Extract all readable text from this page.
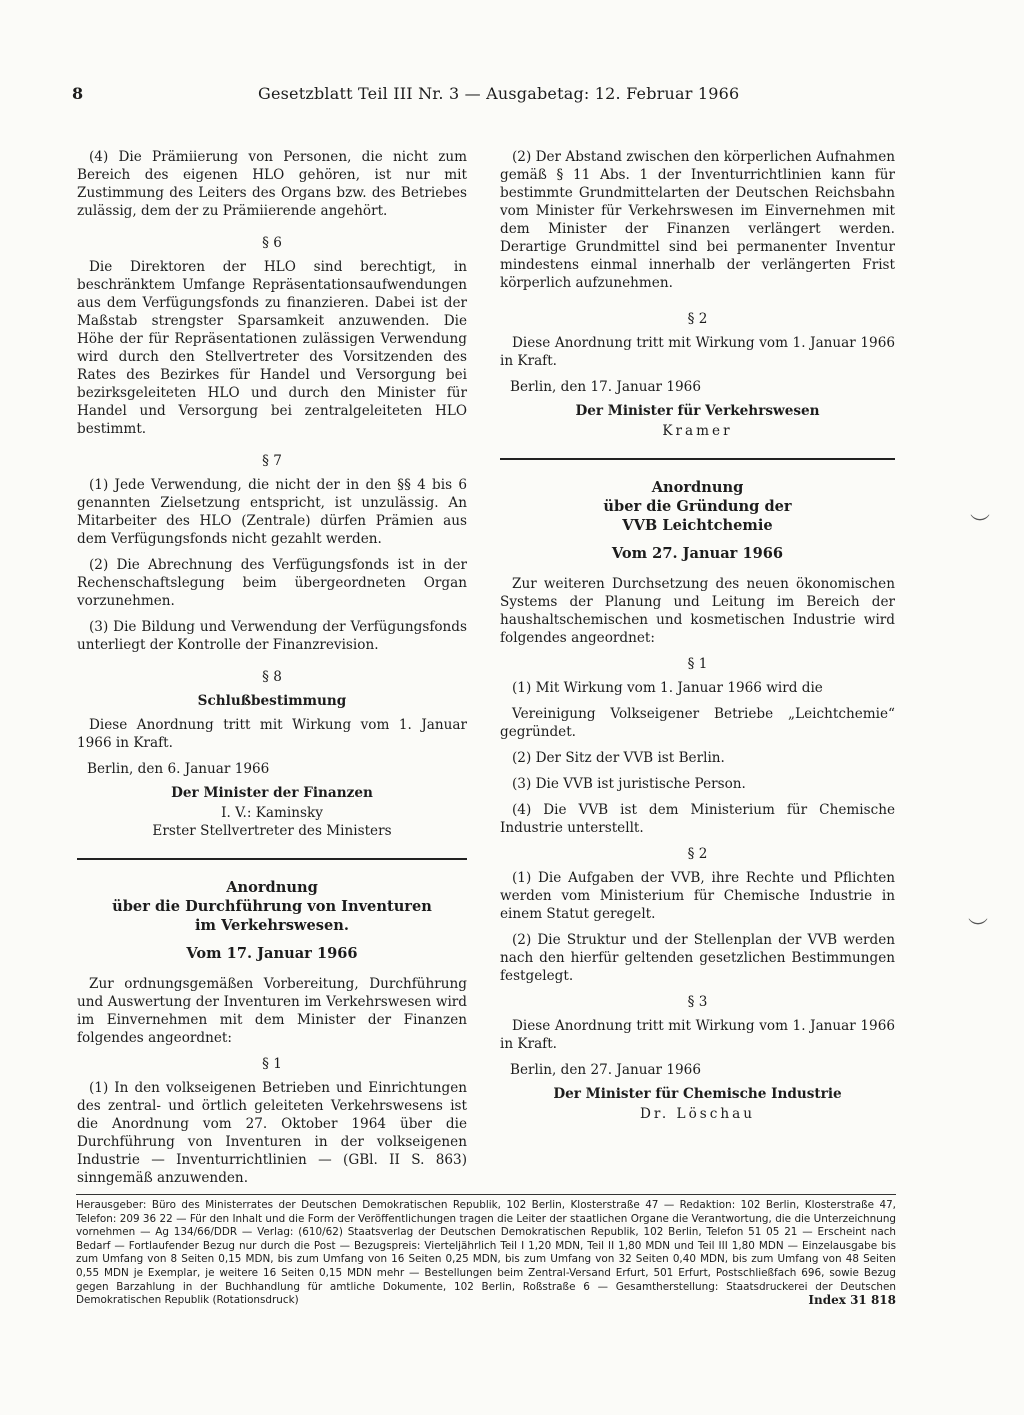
8	Gesetzblatt Teil III Nr. 3 — Ausgabetag: 12. Februar 1966

(4) Die Prämiierung von Personen, die nicht zum Bereich des eigenen HLO gehören, ist nur mit Zustimmung des Leiters des Organs bzw. des Betriebes zulässig, dem der zu Prämiierende angehört.

§ 6

Die Direktoren der HLO sind berechtigt, in beschränktem Umfange Repräsentationsaufwendungen aus dem Verfügungsfonds zu finanzieren. Dabei ist der Maßstab strengster Sparsamkeit anzuwenden. Die Höhe der für Repräsentationen zulässigen Verwendung wird durch den Stellvertreter des Vorsitzenden des Rates des Bezirkes für Handel und Versorgung bei bezirksgeleiteten HLO und durch den Minister für Handel und Versorgung bei zentralgeleiteten HLO bestimmt.

§ 7

(1) Jede Verwendung, die nicht der in den §§ 4 bis 6 genannten Zielsetzung entspricht, ist unzulässig. An Mitarbeiter des HLO (Zentrale) dürfen Prämien aus dem Verfügungsfonds nicht gezahlt werden.

(2) Die Abrechnung des Verfügungsfonds ist in der Rechenschaftslegung beim übergeordneten Organ vorzunehmen.

(3) Die Bildung und Verwendung der Verfügungsfonds unterliegt der Kontrolle der Finanzrevision.

§ 8
Schlußbestimmung

Diese Anordnung tritt mit Wirkung vom 1. Januar 1966 in Kraft.

Berlin, den 6. Januar 1966

Der Minister der Finanzen
I. V.: Kaminsky
Erster Stellvertreter des Ministers
Anordnung
über die Durchführung von Inventuren
im Verkehrswesen.
Vom 17. Januar 1966

Zur ordnungsgemäßen Vorbereitung, Durchführung und Auswertung der Inventuren im Verkehrswesen wird im Einvernehmen mit dem Minister der Finanzen folgendes angeordnet:

§ 1

(1) In den volkseigenen Betrieben und Einrichtungen des zentral- und örtlich geleiteten Verkehrswesens ist die Anordnung vom 27. Oktober 1964 über die Durchführung von Inventuren in der volkseigenen Industrie — Inventurrichtlinien — (GBl. II S. 863) sinngemäß anzuwenden.

(2) Der Abstand zwischen den körperlichen Aufnahmen gemäß § 11 Abs. 1 der Inventurrichtlinien kann für bestimmte Grundmittelarten der Deutschen Reichsbahn vom Minister für Verkehrswesen im Einvernehmen mit dem Minister der Finanzen verlängert werden. Derartige Grundmittel sind bei permanenter Inventur mindestens einmal innerhalb der verlängerten Frist körperlich aufzunehmen.

§ 2

Diese Anordnung tritt mit Wirkung vom 1. Januar 1966 in Kraft.

Berlin, den 17. Januar 1966

Der Minister für Verkehrswesen
Kramer
Anordnung
über die Gründung der
VVB Leichtchemie
Vom 27. Januar 1966

Zur weiteren Durchsetzung des neuen ökonomischen Systems der Planung und Leitung im Bereich der haushaltschemischen und kosmetischen Industrie wird folgendes angeordnet:

§ 1

(1) Mit Wirkung vom 1. Januar 1966 wird die

Vereinigung Volkseigener Betriebe „Leichtchemie“ gegründet.

(2) Der Sitz der VVB ist Berlin.

(3) Die VVB ist juristische Person.

(4) Die VVB ist dem Ministerium für Chemische Industrie unterstellt.

§ 2

(1) Die Aufgaben der VVB, ihre Rechte und Pflichten werden vom Ministerium für Chemische Industrie in einem Statut geregelt.

(2) Die Struktur und der Stellenplan der VVB werden nach den hierfür geltenden gesetzlichen Bestimmungen festgelegt.

§ 3

Diese Anordnung tritt mit Wirkung vom 1. Januar 1966 in Kraft.

Berlin, den 27. Januar 1966

Der Minister für Chemische Industrie
Dr. Löschau
Herausgeber: Büro des Ministerrates der Deutschen Demokratischen Republik, 102 Berlin, Klosterstraße 47 — Redaktion: 102 Berlin, Klosterstraße 47, Telefon: 209 36 22 — Für den Inhalt und die Form der Veröffentlichungen tragen die Leiter der staatlichen Organe die Verantwortung, die die Unterzeichnung vornehmen — Ag 134/66/DDR — Verlag: (610/62) Staatsverlag der Deutschen Demokratischen Republik, 102 Berlin, Telefon 51 05 21 — Erscheint nach Bedarf — Fortlaufender Bezug nur durch die Post — Bezugspreis: Vierteljährlich Teil I 1,20 MDN, Teil II 1,80 MDN und Teil III 1,80 MDN — Einzelausgabe bis zum Umfang von 8 Seiten 0,15 MDN, bis zum Umfang von 16 Seiten 0,25 MDN, bis zum Umfang von 32 Seiten 0,40 MDN, bis zum Umfang von 48 Seiten 0,55 MDN je Exemplar, je weitere 16 Seiten 0,15 MDN mehr — Bestellungen beim Zentral-Versand Erfurt, 501 Erfurt, Postschließfach 696, sowie Bezug gegen Barzahlung in der Buchhandlung für amtliche Dokumente, 102 Berlin, Roßstraße 6 — Gesamtherstellung: Staatsdruckerei der Deutschen Demokratischen Republik (Rotationsdruck)	Index 31 818
︶
︶
